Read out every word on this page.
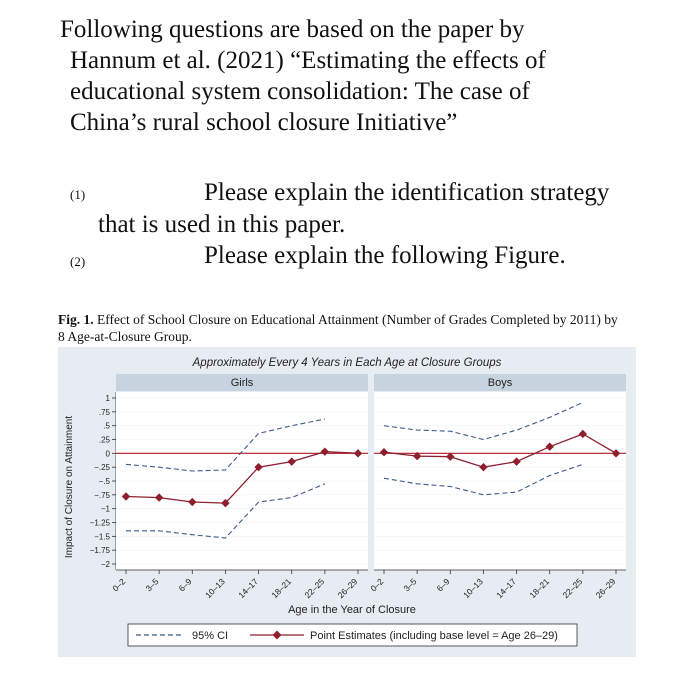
Following questions are based on the paper by

Hannum et al. (2021) “Estimating the effects of
educational system consolidation: The case of
China’s rural school closure Initiative”
(1)	Please explain the identification strategy
that is used in this paper.
(2)	Please explain the following Figure.
Fig. 1. Effect of School Closure on Educational Attainment (Number of Grades Completed by 2011) by
8 Age-at-Closure Group.
Approximately Every 4 Years in Each Age at Closure Groups
Impact of Closure on Attainment
Age in the Year of Closure
1
.75
.5
.25
0
−.25
−.5
−.75
−1
−1.25
−1.5
−1.75
−2
Girls
0–2 3–5 6–9 10–13 14–17 18–21 22–25 26–29
Boys
0–2 3–5 6–9 10–13 14–17 18–21 22–25 26–29
95% CI	Point Estimates (including base level = Age 26–29)
